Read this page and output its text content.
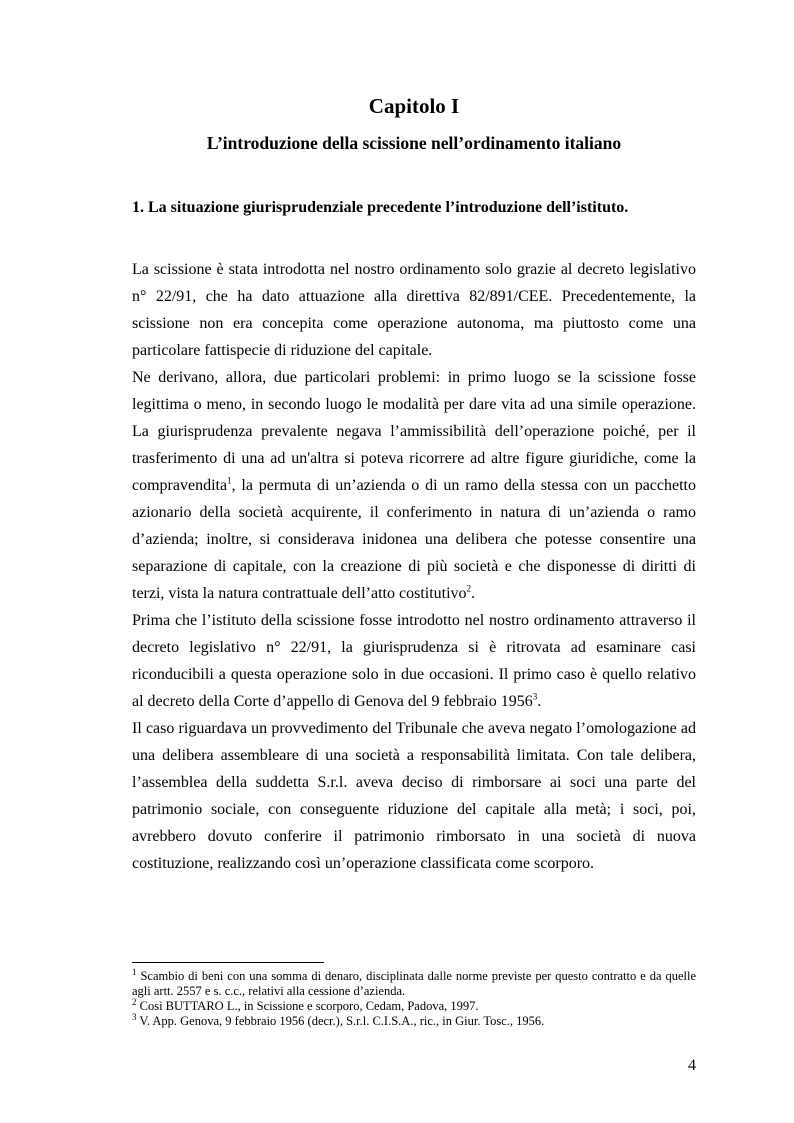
Capitolo I
L’introduzione della scissione nell’ordinamento italiano
1. La situazione giurisprudenziale precedente l’introduzione dell’istituto.

La scissione è stata introdotta nel nostro ordinamento solo grazie al decreto legislativo n° 22/91, che ha dato attuazione alla direttiva 82/891/CEE. Precedentemente, la scissione non era concepita come operazione autonoma, ma piuttosto come una particolare fattispecie di riduzione del capitale.

Ne derivano, allora, due particolari problemi: in primo luogo se la scissione fosse legittima o meno, in secondo luogo le modalità per dare vita ad una simile operazione. La giurisprudenza prevalente negava l’ammissibilità dell’operazione poiché, per il trasferimento di una ad un'altra si poteva ricorrere ad altre figure giuridiche, come la compravendita$^1$, la permuta di un’azienda o di un ramo della stessa con un pacchetto azionario della società acquirente, il conferimento in natura di un’azienda o ramo d’azienda; inoltre, si considerava inidonea una delibera che potesse consentire una separazione di capitale, con la creazione di più società e che disponesse di diritti di terzi, vista la natura contrattuale dell’atto costitutivo$^2$.

Prima che l’istituto della scissione fosse introdotto nel nostro ordinamento attraverso il decreto legislativo n° 22/91, la giurisprudenza si è ritrovata ad esaminare casi riconducibili a questa operazione solo in due occasioni. Il primo caso è quello relativo al decreto della Corte d’appello di Genova del 9 febbraio 1956$^3$.

Il caso riguardava un provvedimento del Tribunale che aveva negato l’omologazione ad una delibera assembleare di una società a responsabilità limitata. Con tale delibera, l’assemblea della suddetta S.r.l. aveva deciso di rimborsare ai soci una parte del patrimonio sociale, con conseguente riduzione del capitale alla metà; i soci, poi, avrebbero dovuto conferire il patrimonio rimborsato in una società di nuova costituzione, realizzando così un’operazione classificata come scorporo.

$^1$ Scambio di beni con una somma di denaro, disciplinata dalle norme previste per questo contratto e da quelle agli artt. 2557 e s. c.c., relativi alla cessione d’azienda.

$^2$ Così BUTTARO L., in Scissione e scorporo, Cedam, Padova, 1997.

$^3$ V. App. Genova, 9 febbraio 1956 (decr.), S.r.l. C.I.S.A., ric., in Giur. Tosc., 1956.

4
